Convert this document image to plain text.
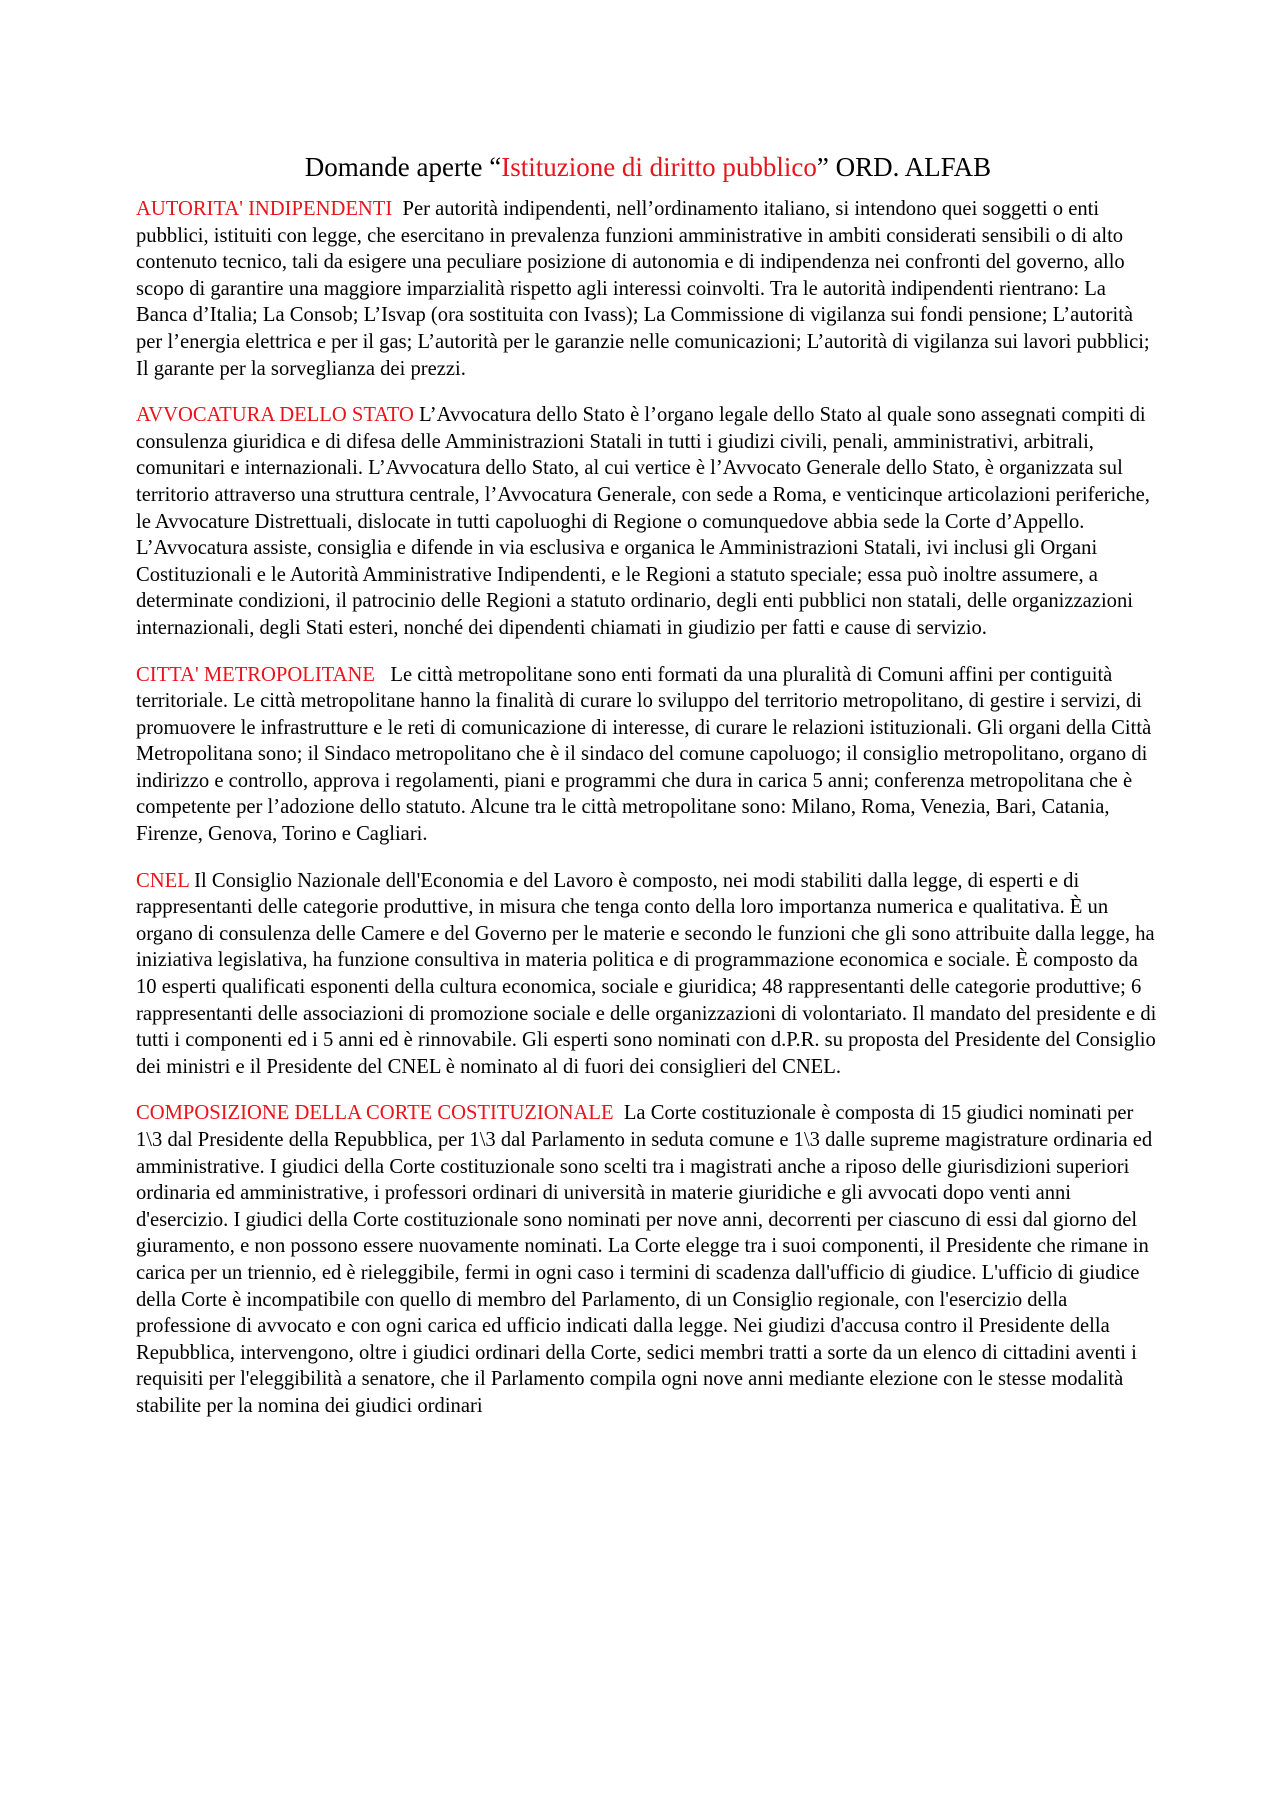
Domande aperte “Istituzione di diritto pubblico” ORD. ALFAB

AUTORITA' INDIPENDENTI Per autorità indipendenti, nell’ordinamento italiano, si intendono quei soggetti o enti pubblici, istituiti con legge, che esercitano in prevalenza funzioni amministrative in ambiti considerati sensibili o di alto contenuto tecnico, tali da esigere una peculiare posizione di autonomia e di indipendenza nei confronti del governo, allo scopo di garantire una maggiore imparzialità rispetto agli interessi coinvolti. Tra le autorità indipendenti rientrano: La Banca d’Italia; La Consob; L’Isvap (ora sostituita con Ivass); La Commissione di vigilanza sui fondi pensione; L’autorità per l’energia elettrica e per il gas; L’autorità per le garanzie nelle comunicazioni; L’autorità di vigilanza sui lavori pubblici; Il garante per la sorveglianza dei prezzi.

AVVOCATURA DELLO STATO L’Avvocatura dello Stato è l’organo legale dello Stato al quale sono assegnati compiti di consulenza giuridica e di difesa delle Amministrazioni Statali in tutti i giudizi civili, penali, amministrativi, arbitrali, comunitari e internazionali. L’Avvocatura dello Stato, al cui vertice è l’Avvocato Generale dello Stato, è organizzata sul territorio attraverso una struttura centrale, l’Avvocatura Generale, con sede a Roma, e venticinque articolazioni periferiche, le Avvocature Distrettuali, dislocate in tutti capoluoghi di Regione o comunquedove abbia sede la Corte d’Appello. L’Avvocatura assiste, consiglia e difende in via esclusiva e organica le Amministrazioni Statali, ivi inclusi gli Organi Costituzionali e le Autorità Amministrative Indipendenti, e le Regioni a statuto speciale; essa può inoltre assumere, a determinate condizioni, il patrocinio delle Regioni a statuto ordinario, degli enti pubblici non statali, delle organizzazioni internazionali, degli Stati esteri, nonché dei dipendenti chiamati in giudizio per fatti e cause di servizio.

CITTA' METROPOLITANE Le città metropolitane sono enti formati da una pluralità di Comuni affini per contiguità territoriale. Le città metropolitane hanno la finalità di curare lo sviluppo del territorio metropolitano, di gestire i servizi, di promuovere le infrastrutture e le reti di comunicazione di interesse, di curare le relazioni istituzionali. Gli organi della Città Metropolitana sono; il Sindaco metropolitano che è il sindaco del comune capoluogo; il consiglio metropolitano, organo di indirizzo e controllo, approva i regolamenti, piani e programmi che dura in carica 5 anni; conferenza metropolitana che è competente per l’adozione dello statuto. Alcune tra le città metropolitane sono: Milano, Roma, Venezia, Bari, Catania, Firenze, Genova, Torino e Cagliari.

CNEL Il Consiglio Nazionale dell'Economia e del Lavoro è composto, nei modi stabiliti dalla legge, di esperti e di rappresentanti delle categorie produttive, in misura che tenga conto della loro importanza numerica e qualitativa. È un organo di consulenza delle Camere e del Governo per le materie e secondo le funzioni che gli sono attribuite dalla legge, ha iniziativa legislativa, ha funzione consultiva in materia politica e di programmazione economica e sociale. È composto da 10 esperti qualificati esponenti della cultura economica, sociale e giuridica; 48 rappresentanti delle categorie produttive; 6 rappresentanti delle associazioni di promozione sociale e delle organizzazioni di volontariato. Il mandato del presidente e di tutti i componenti ed i 5 anni ed è rinnovabile. Gli esperti sono nominati con d.P.R. su proposta del Presidente del Consiglio dei ministri e il Presidente del CNEL è nominato al di fuori dei consiglieri del CNEL.

COMPOSIZIONE DELLA CORTE COSTITUZIONALE La Corte costituzionale è composta di 15 giudici nominati per 1\3 dal Presidente della Repubblica, per 1\3 dal Parlamento in seduta comune e 1\3 dalle supreme magistrature ordinaria ed amministrative. I giudici della Corte costituzionale sono scelti tra i magistrati anche a riposo delle giurisdizioni superiori ordinaria ed amministrative, i professori ordinari di università in materie giuridiche e gli avvocati dopo venti anni d'esercizio. I giudici della Corte costituzionale sono nominati per nove anni, decorrenti per ciascuno di essi dal giorno del giuramento, e non possono essere nuovamente nominati. La Corte elegge tra i suoi componenti, il Presidente che rimane in carica per un triennio, ed è rieleggibile, fermi in ogni caso i termini di scadenza dall'ufficio di giudice. L'ufficio di giudice della Corte è incompatibile con quello di membro del Parlamento, di un Consiglio regionale, con l'esercizio della professione di avvocato e con ogni carica ed ufficio indicati dalla legge. Nei giudizi d'accusa contro il Presidente della Repubblica, intervengono, oltre i giudici ordinari della Corte, sedici membri tratti a sorte da un elenco di cittadini aventi i requisiti per l'eleggibilità a senatore, che il Parlamento compila ogni nove anni mediante elezione con le stesse modalità stabilite per la nomina dei giudici ordinari
